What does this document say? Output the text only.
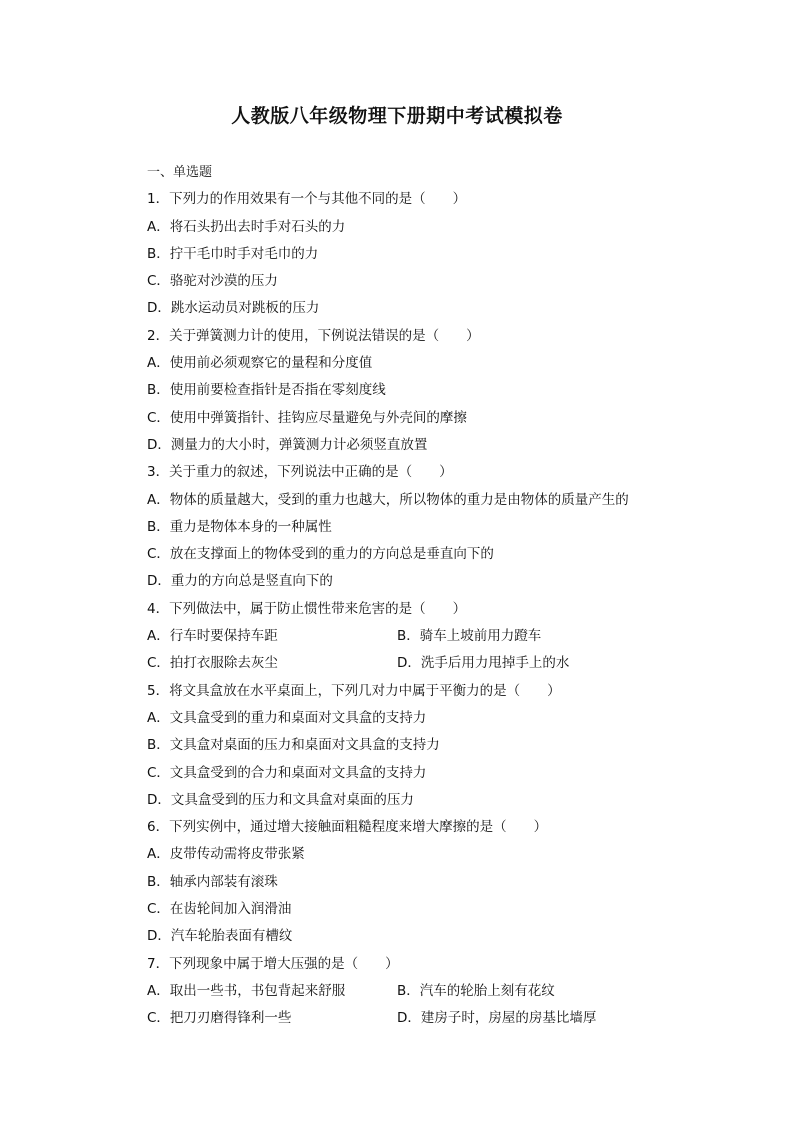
人教版八年级物理下册期中考试模拟卷
一、单选题
1．下列力的作用效果有一个与其他不同的是（　　）
A．将石头扔出去时手对石头的力
B．拧干毛巾时手对毛巾的力
C．骆驼对沙漠的压力
D．跳水运动员对跳板的压力
2．关于弹簧测力计的使用，下例说法错误的是（　　）
A．使用前必须观察它的量程和分度值
B．使用前要检查指针是否指在零刻度线
C．使用中弹簧指针、挂钩应尽量避免与外壳间的摩擦
D．测量力的大小时，弹簧测力计必须竖直放置
3．关于重力的叙述，下列说法中正确的是（　　）
A．物体的质量越大，受到的重力也越大，所以物体的重力是由物体的质量产生的
B．重力是物体本身的一种属性
C．放在支撑面上的物体受到的重力的方向总是垂直向下的
D．重力的方向总是竖直向下的
4．下列做法中，属于防止惯性带来危害的是（　　）
A．行车时要保持车距	B．骑车上坡前用力蹬车
C．拍打衣服除去灰尘	D．洗手后用力甩掉手上的水
5．将文具盒放在水平桌面上，下列几对力中属于平衡力的是（　　）
A．文具盒受到的重力和桌面对文具盒的支持力
B．文具盒对桌面的压力和桌面对文具盒的支持力
C．文具盒受到的合力和桌面对文具盒的支持力
D．文具盒受到的压力和文具盒对桌面的压力
6．下列实例中，通过增大接触面粗糙程度来增大摩擦的是（　　）
A．皮带传动需将皮带张紧
B．轴承内部装有滚珠
C．在齿轮间加入润滑油
D．汽车轮胎表面有槽纹
7．下列现象中属于增大压强的是（　　）
A．取出一些书，书包背起来舒服	B．汽车的轮胎上刻有花纹
C．把刀刃磨得锋利一些	D．建房子时，房屋的房基比墙厚
